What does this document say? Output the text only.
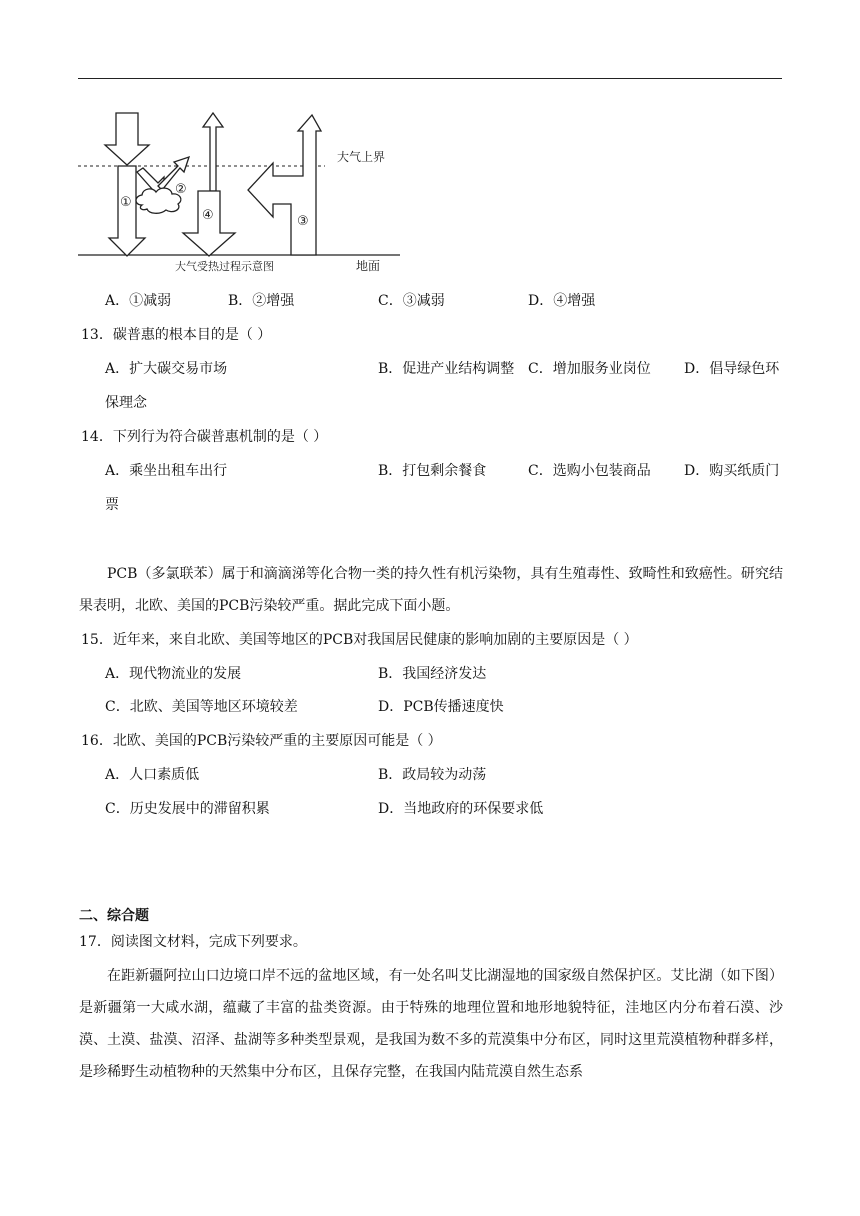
大气上界
地面
大气受热过程示意图
①
②
③
④
A．①减弱	B．②增强	C．③减弱	D．④增强
13．碳普惠的根本目的是（ ）
A．扩大碳交易市场	B．促进产业结构调整 C．增加服务业岗位 D．倡导绿色环
保理念
14．下列行为符合碳普惠机制的是（ ）
A．乘坐出租车出行	B．打包剩余餐食	C．选购小包装商品 D．购买纸质门
票

PCB（多氯联苯）属于和滴滴涕等化合物一类的持久性有机污染物，具有生殖毒性、致畸性和致癌性。研究结果表明，北欧、美国的PCB污染较严重。据此完成下面小题。

15．近年来，来自北欧、美国等地区的PCB对我国居民健康的影响加剧的主要原因是（ ）
A．现代物流业的发展	B．我国经济发达
C．北欧、美国等地区环境较差	D．PCB传播速度快
16．北欧、美国的PCB污染较严重的主要原因可能是（ ）
A．人口素质低	B．政局较为动荡
C．历史发展中的滞留积累	D．当地政府的环保要求低
二、综合题
17．阅读图文材料，完成下列要求。

在距新疆阿拉山口边境口岸不远的盆地区域，有一处名叫艾比湖湿地的国家级自然保护区。艾比湖（如下图）是新疆第一大咸水湖，蕴藏了丰富的盐类资源。由于特殊的地理位置和地形地貌特征，洼地区内分布着石漠、沙漠、土漠、盐漠、沼泽、盐湖等多种类型景观，是我国为数不多的荒漠集中分布区，同时这里荒漠植物种群多样，是珍稀野生动植物种的天然集中分布区，且保存完整，在我国内陆荒漠自然生态系
